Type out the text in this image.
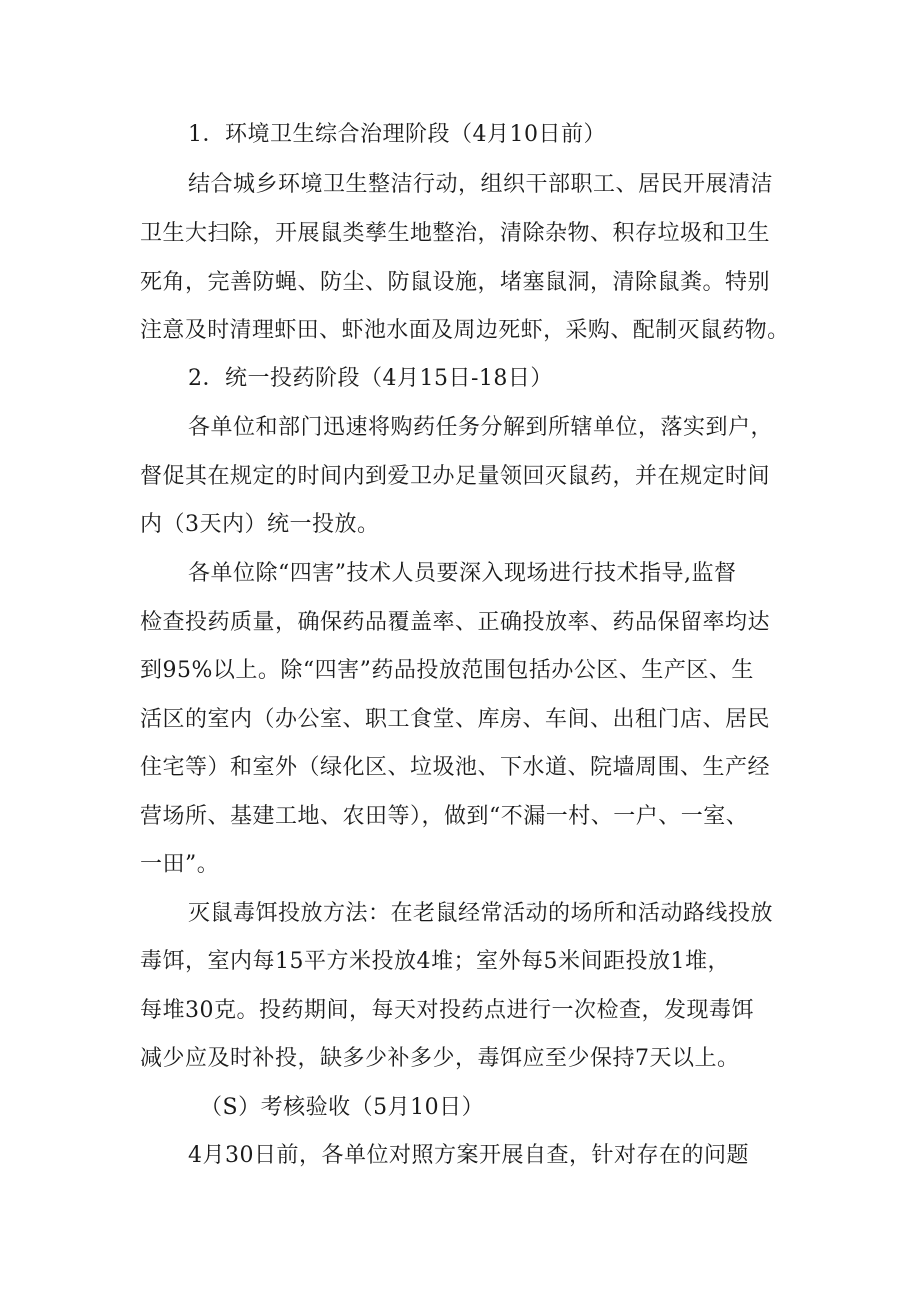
1．环境卫生综合治理阶段（4月10日前）
结合城乡环境卫生整洁行动，组织干部职工、居民开展清洁
卫生大扫除，开展鼠类孳生地整治，清除杂物、积存垃圾和卫生
死角，完善防蝇、防尘、防鼠设施，堵塞鼠洞，清除鼠粪。特别
注意及时清理虾田、虾池水面及周边死虾，采购、配制灭鼠药物。
2．统一投药阶段（4月15日-18日）
各单位和部门迅速将购药任务分解到所辖单位，落实到户，
督促其在规定的时间内到爱卫办足量领回灭鼠药，并在规定时间
内（3天内）统一投放。
各单位除“四害”技术人员要深入现场进行技术指导,监督
检查投药质量，确保药品覆盖率、正确投放率、药品保留率均达
到95%以上。除“四害”药品投放范围包括办公区、生产区、生
活区的室内（办公室、职工食堂、库房、车间、出租门店、居民
住宅等）和室外（绿化区、垃圾池、下水道、院墙周围、生产经
营场所、基建工地、农田等），做到“不漏一村、一户、一室、
一田”。
灭鼠毒饵投放方法：在老鼠经常活动的场所和活动路线投放
毒饵，室内每15平方米投放4堆；室外每5米间距投放1堆，
每堆30克。投药期间，每天对投药点进行一次检查，发现毒饵
减少应及时补投，缺多少补多少，毒饵应至少保持7天以上。
（S）考核验收（5月10日）
4月30日前，各单位对照方案开展自查，针对存在的问题
